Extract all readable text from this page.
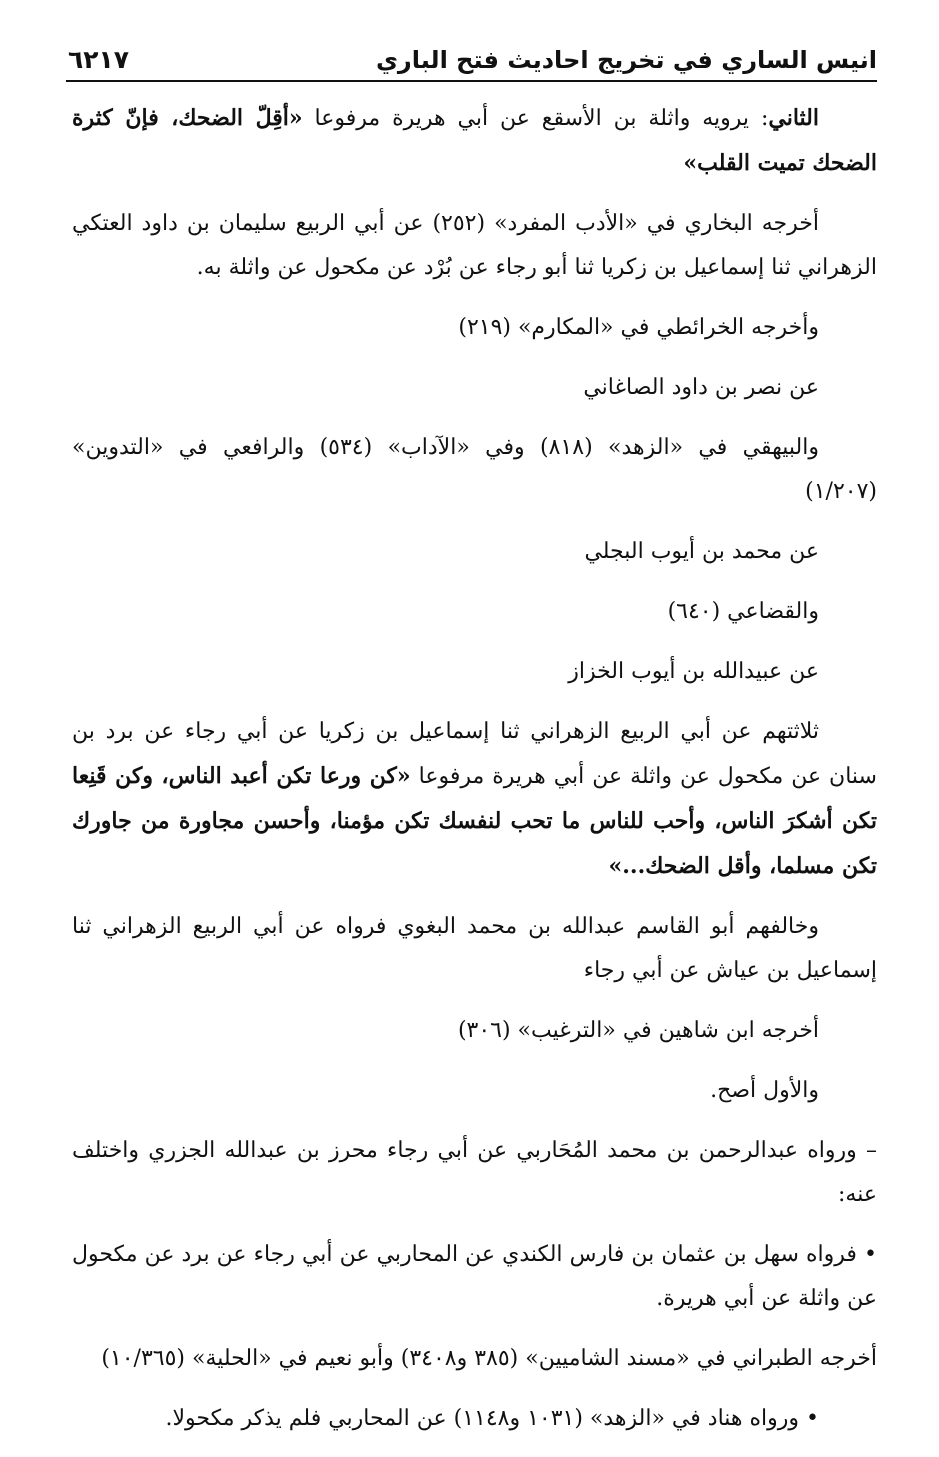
انيس الساري في تخريج احاديث فتح الباري
٦٢١٧

الثاني: يرويه واثلة بن الأسقع عن أبي هريرة مرفوعا «أقِلّ الضحك، فإنّ كثرة الضحك تميت القلب»

أخرجه البخاري في «الأدب المفرد» (٢٥٢) عن أبي الربيع سليمان بن داود العتكي الزهراني ثنا إسماعيل بن زكريا ثنا أبو رجاء عن بُرْد عن مكحول عن واثلة به.

وأخرجه الخرائطي في «المكارم» (٢١٩)

عن نصر بن داود الصاغاني

والبيهقي في «الزهد» (٨١٨) وفي «الآداب» (٥٣٤) والرافعي في «التدوين» (١/٢٠٧)

عن محمد بن أيوب البجلي

والقضاعي (٦٤٠)

عن عبيدالله بن أيوب الخزاز

ثلاثتهم عن أبي الربيع الزهراني ثنا إسماعيل بن زكريا عن أبي رجاء عن برد بن سنان عن مكحول عن واثلة عن أبي هريرة مرفوعا «كن ورعا تكن أعبد الناس، وكن قَنِعا تكن أشكرَ الناس، وأحب للناس ما تحب لنفسك تكن مؤمنا، وأحسن مجاورة من جاورك تكن مسلما، وأقل الضحك...»

وخالفهم أبو القاسم عبدالله بن محمد البغوي فرواه عن أبي الربيع الزهراني ثنا إسماعيل بن عياش عن أبي رجاء

أخرجه ابن شاهين في «الترغيب» (٣٠٦)

والأول أصح.

– ورواه عبدالرحمن بن محمد المُحَاربي عن أبي رجاء محرز بن عبدالله الجزري واختلف عنه:

• فرواه سهل بن عثمان بن فارس الكندي عن المحاربي عن أبي رجاء عن برد عن مكحول عن واثلة عن أبي هريرة.

أخرجه الطبراني في «مسند الشاميين» (٣٨٥ و٣٤٠٨) وأبو نعيم في «الحلية» (١٠/٣٦٥)

• ورواه هناد في «الزهد» (١٠٣١ و١١٤٨) عن المحاربي فلم يذكر مكحولا.
